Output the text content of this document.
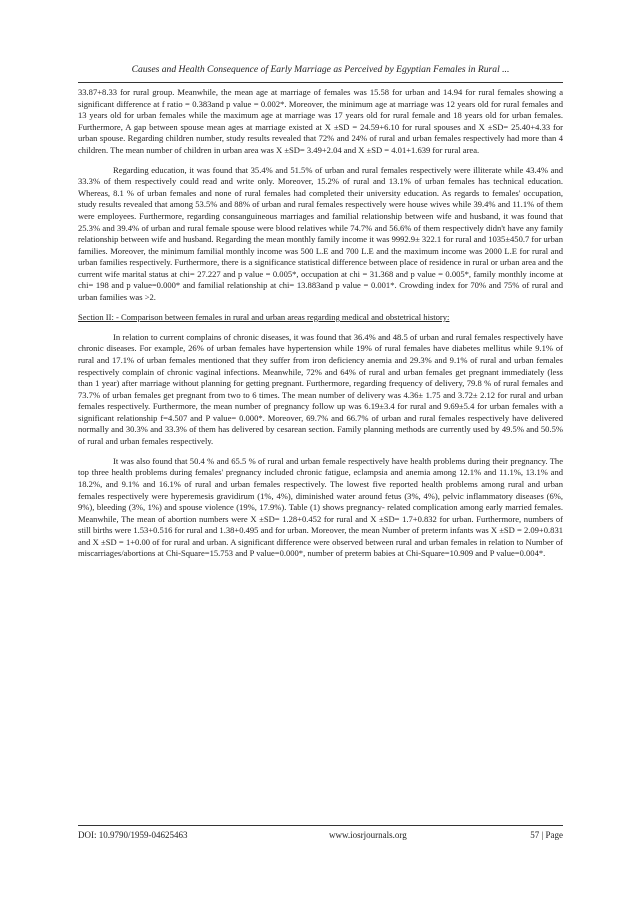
Causes and Health Consequence of Early Marriage as Perceived by Egyptian Females in Rural ...

33.87+8.33 for rural group. Meanwhile, the mean age at marriage of females was 15.58 for urban and 14.94 for rural females showing a significant difference at f ratio = 0.383and p value = 0.002*. Moreover, the minimum age at marriage was 12 years old for rural females and 13 years old for urban females while the maximum age at marriage was 17 years old for rural female and 18 years old for urban females. Furthermore, A gap between spouse mean ages at marriage existed at X ±SD = 24.59+6.10 for rural spouses and X ±SD= 25.40+4.33 for urban spouse. Regarding children number, study results revealed that 72% and 24% of rural and urban females respectively had more than 4 children. The mean number of children in urban area was X ±SD= 3.49+2.04 and X ±SD = 4.01+1.639 for rural area.

Regarding education, it was found that 35.4% and 51.5% of urban and rural females respectively were illiterate while 43.4% and 33.3% of them respectively could read and write only. Moreover, 15.2% of rural and 13.1% of urban females has technical education. Whereas, 8.1 % of urban females and none of rural females had completed their university education. As regards to females' occupation, study results revealed that among 53.5% and 88% of urban and rural females respectively were house wives while 39.4% and 11.1% of them were employees. Furthermore, regarding consanguineous marriages and familial relationship between wife and husband, it was found that 25.3% and 39.4% of urban and rural female spouse were blood relatives while 74.7% and 56.6% of them respectively didn't have any family relationship between wife and husband. Regarding the mean monthly family income it was 9992.9± 322.1 for rural and 1035±450.7 for urban families. Moreover, the minimum familial monthly income was 500 L.E and 700 L.E and the maximum income was 2000 L.E for rural and urban families respectively. Furthermore, there is a significance statistical difference between place of residence in rural or urban area and the current wife marital status at chi= 27.227 and p value = 0.005*, occupation at chi = 31.368 and p value = 0.005*, family monthly income at chi= 198 and p value=0.000* and familial relationship at chi= 13.883and p value = 0.001*. Crowding index for 70% and 75% of rural and urban families was >2.

Section II: - Comparison between females in rural and urban areas regarding medical and obstetrical history:

In relation to current complains of chronic diseases, it was found that 36.4% and 48.5 of urban and rural females respectively have chronic diseases. For example, 26% of urban females have hypertension while 19% of rural females have diabetes mellitus while 9.1% of rural and 17.1% of urban females mentioned that they suffer from iron deficiency anemia and 29.3% and 9.1% of rural and urban females respectively complain of chronic vaginal infections. Meanwhile, 72% and 64% of rural and urban females get pregnant immediately (less than 1 year) after marriage without planning for getting pregnant. Furthermore, regarding frequency of delivery, 79.8 % of rural females and 73.7% of urban females get pregnant from two to 6 times. The mean number of delivery was 4.36± 1.75 and 3.72± 2.12 for rural and urban females respectively. Furthermore, the mean number of pregnancy follow up was 6.19±3.4 for rural and 9.69±5.4 for urban females with a significant relationship f=4.507 and P value= 0.000*. Moreover, 69.7% and 66.7% of urban and rural females respectively have delivered normally and 30.3% and 33.3% of them has delivered by cesarean section. Family planning methods are currently used by 49.5% and 50.5% of rural and urban females respectively.

It was also found that 50.4 % and 65.5 % of rural and urban female respectively have health problems during their pregnancy. The top three health problems during females' pregnancy included chronic fatigue, eclampsia and anemia among 12.1% and 11.1%, 13.1% and 18.2%, and 9.1% and 16.1% of rural and urban females respectively. The lowest five reported health problems among rural and urban females respectively were hyperemesis gravidirum (1%, 4%), diminished water around fetus (3%, 4%), pelvic inflammatory diseases (6%, 9%), bleeding (3%, 1%) and spouse violence (19%, 17.9%). Table (1) shows pregnancy- related complication among early married females. Meanwhile, The mean of abortion numbers were X ±SD= 1.28+0.452 for rural and X ±SD= 1.7+0.832 for urban. Furthermore, numbers of still births were 1.53+0.516 for rural and 1.38+0.495 and for urban. Moreover, the mean Number of preterm infants was X ±SD = 2.09+0.831 and X ±SD = 1+0.00 of for rural and urban. A significant difference were observed between rural and urban females in relation to Number of miscarriages/abortions at Chi-Square=15.753 and P value=0.000*, number of preterm babies at Chi-Square=10.909 and P value=0.004*.

DOI: 10.9790/1959-04625463	www.iosrjournals.org	57 | Page
